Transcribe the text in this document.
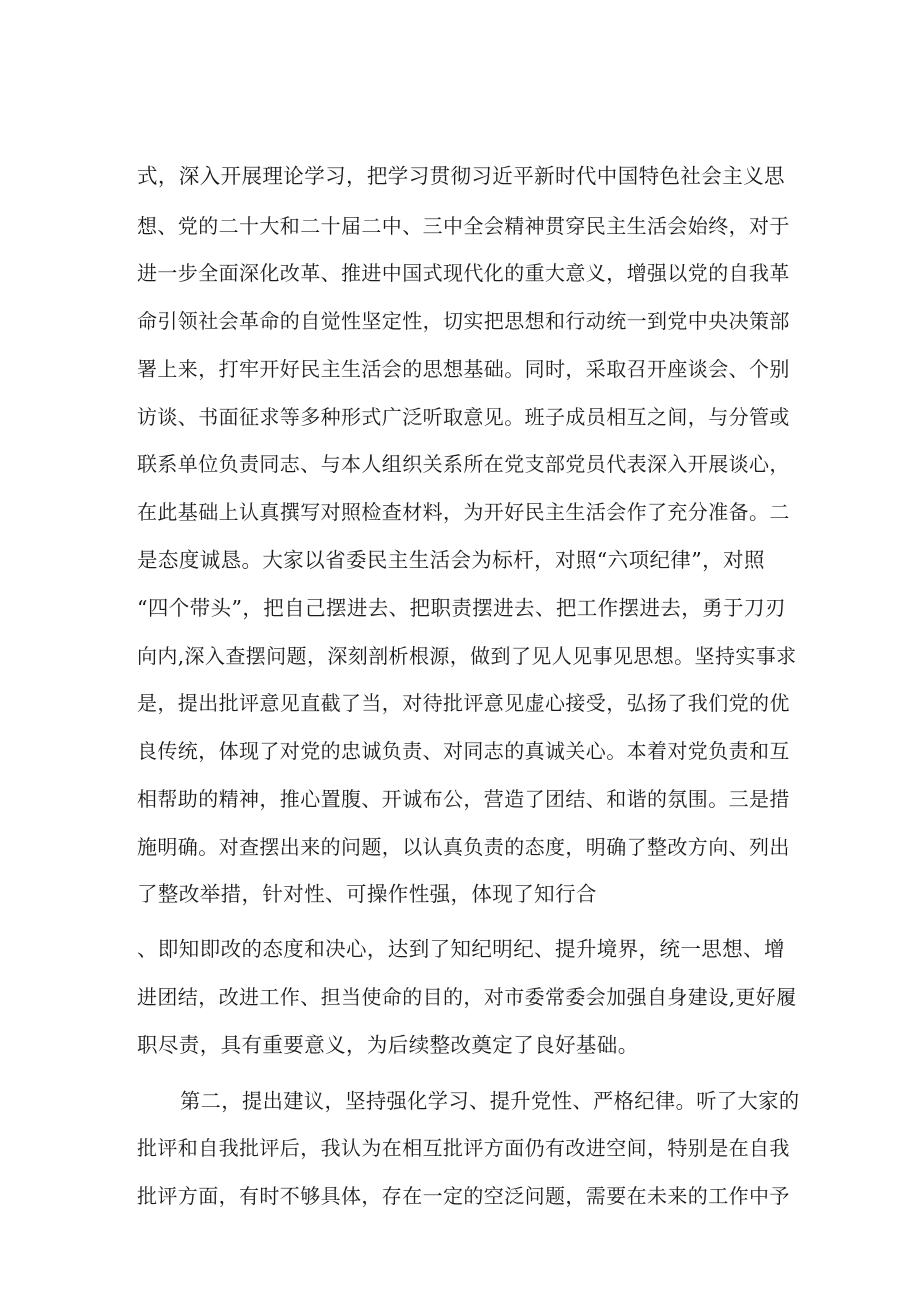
式，深入开展理论学习，把学习贯彻习近平新时代中国特色社会主义思
想、党的二十大和二十届二中、三中全会精神贯穿民主生活会始终，对于
进一步全面深化改革、推进中国式现代化的重大意义，增强以党的自我革
命引领社会革命的自觉性坚定性，切实把思想和行动统一到党中央决策部
署上来，打牢开好民主生活会的思想基础。同时，采取召开座谈会、个别
访谈、书面征求等多种形式广泛听取意见。班子成员相互之间，与分管或
联系单位负责同志、与本人组织关系所在党支部党员代表深入开展谈心，
在此基础上认真撰写对照检查材料，为开好民主生活会作了充分准备。二
是态度诚恳。大家以省委民主生活会为标杆，对照“六项纪律”，对照
“四个带头”，把自己摆进去、把职责摆进去、把工作摆进去，勇于刀刃
向内,深入查摆问题，深刻剖析根源，做到了见人见事见思想。坚持实事求
是，提出批评意见直截了当，对待批评意见虚心接受，弘扬了我们党的优
良传统，体现了对党的忠诚负责、对同志的真诚关心。本着对党负责和互
相帮助的精神，推心置腹、开诚布公，营造了团结、和谐的氛围。三是措
施明确。对查摆出来的问题，以认真负责的态度，明确了整改方向、列出
了整改举措，针对性、可操作性强，体现了知行合
、即知即改的态度和决心，达到了知纪明纪、提升境界，统一思想、增
进团结，改进工作、担当使命的目的，对市委常委会加强自身建设,更好履
职尽责，具有重要意义，为后续整改奠定了良好基础。
第二，提出建议，坚持强化学习、提升党性、严格纪律。听了大家的
批评和自我批评后，我认为在相互批评方面仍有改进空间，特别是在自我
批评方面，有时不够具体，存在一定的空泛问题，需要在未来的工作中予
